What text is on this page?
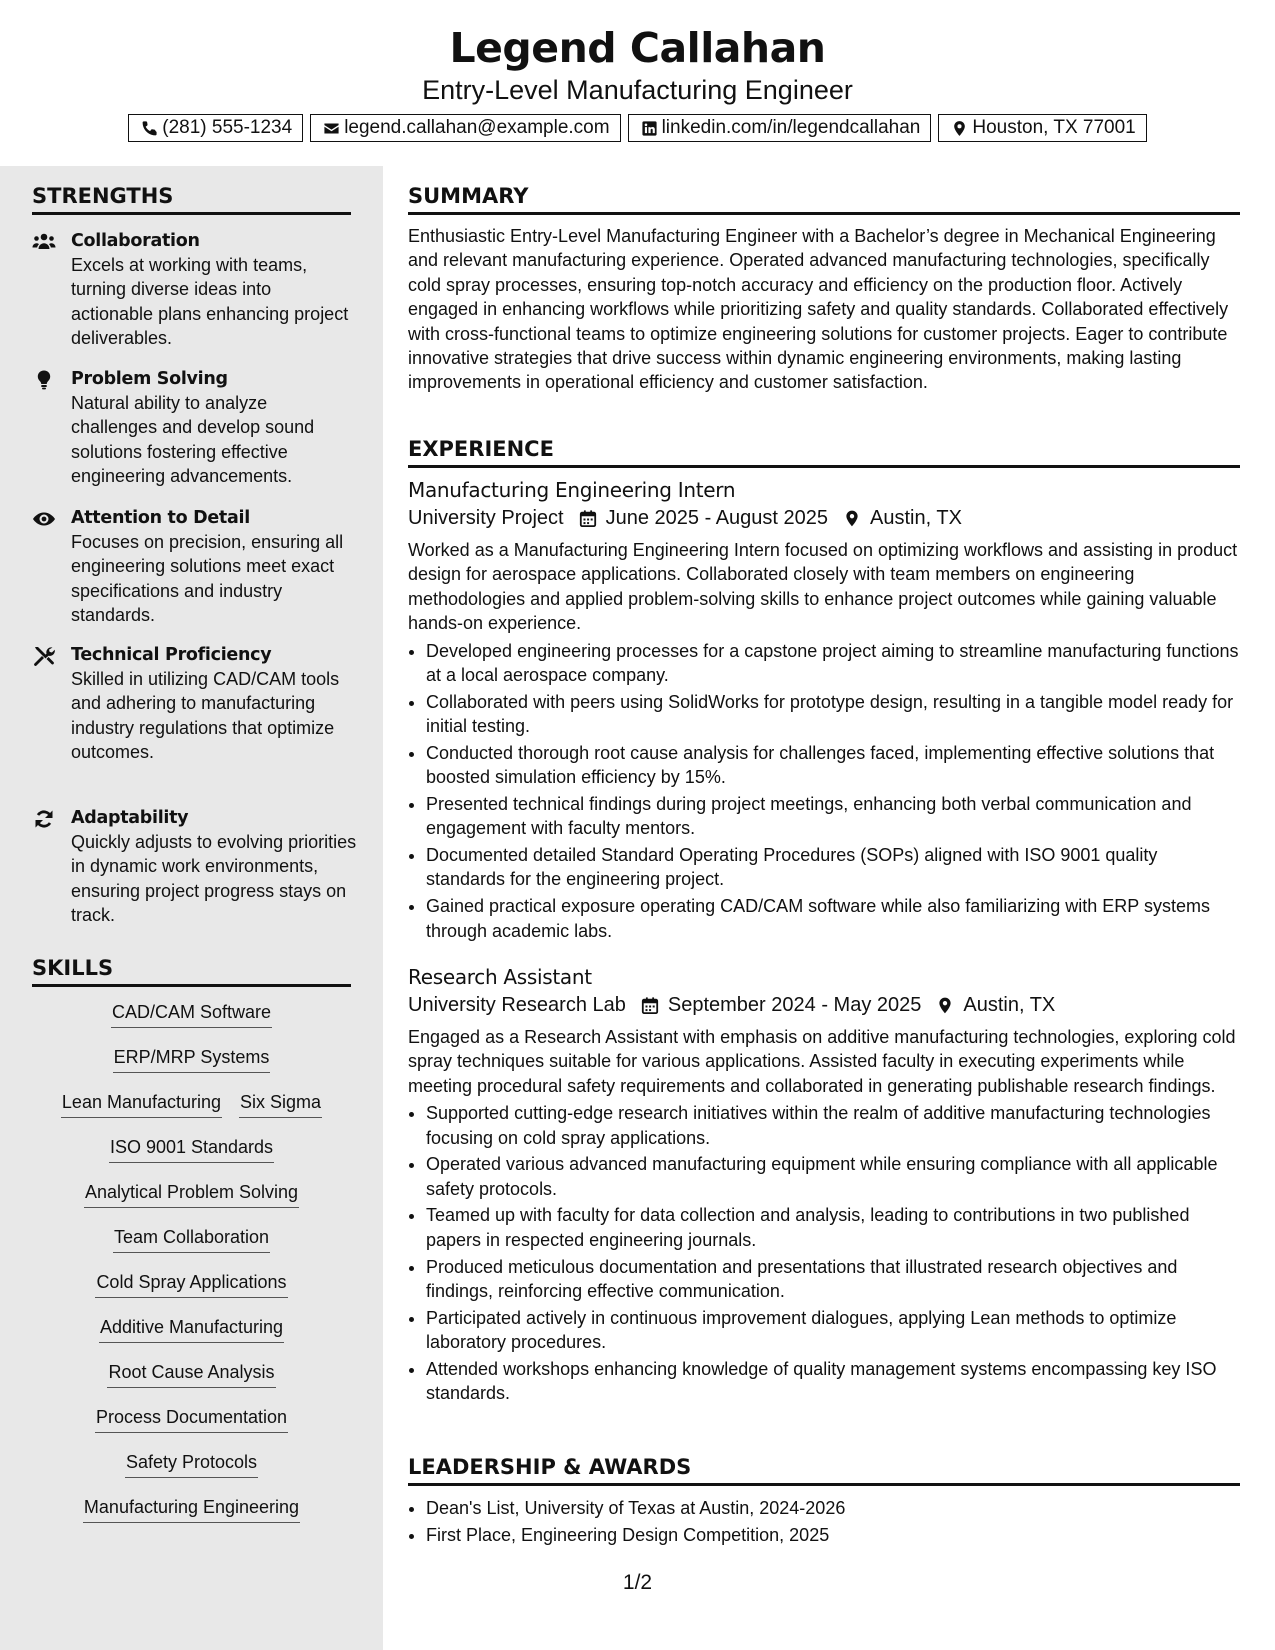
Legend Callahan
Entry-Level Manufacturing Engineer
(281) 555-1234	legend.callahan@example.com	linkedin.com/in/legendcallahan	Houston, TX 77001
STRENGTHS
Collaboration
Excels at working with teams, turning diverse ideas into actionable plans enhancing project deliverables.
Problem Solving
Natural ability to analyze challenges and develop sound solutions fostering effective engineering advancements.
Attention to Detail
Focuses on precision, ensuring all engineering solutions meet exact specifications and industry standards.
Technical Proficiency
Skilled in utilizing CAD/CAM tools and adhering to manufacturing industry regulations that optimize outcomes.
Adaptability
Quickly adjusts to evolving priorities in dynamic work environments, ensuring project progress stays on track.
SKILLS
CAD/CAM Software
ERP/MRP Systems
Lean Manufacturing Six Sigma
ISO 9001 Standards
Analytical Problem Solving
Team Collaboration
Cold Spray Applications
Additive Manufacturing
Root Cause Analysis
Process Documentation
Safety Protocols
Manufacturing Engineering
SUMMARY
Enthusiastic Entry-Level Manufacturing Engineer with a Bachelor’s degree in Mechanical Engineering and relevant manufacturing experience. Operated advanced manufacturing technologies, specifically cold spray processes, ensuring top-notch accuracy and efficiency on the production floor. Actively engaged in enhancing workflows while prioritizing safety and quality standards. Collaborated effectively with cross-functional teams to optimize engineering solutions for customer projects. Eager to contribute innovative strategies that drive success within dynamic engineering environments, making lasting improvements in operational efficiency and customer satisfaction.
EXPERIENCE
Manufacturing Engineering Intern
University Project June 2025 - August 2025 Austin, TX
Worked as a Manufacturing Engineering Intern focused on optimizing workflows and assisting in product design for aerospace applications. Collaborated closely with team members on engineering methodologies and applied problem-solving skills to enhance project outcomes while gaining valuable hands-on experience.
• Developed engineering processes for a capstone project aiming to streamline manufacturing functions at a local aerospace company.
• Collaborated with peers using SolidWorks for prototype design, resulting in a tangible model ready for initial testing.
• Conducted thorough root cause analysis for challenges faced, implementing effective solutions that boosted simulation efficiency by 15%.
• Presented technical findings during project meetings, enhancing both verbal communication and engagement with faculty mentors.
• Documented detailed Standard Operating Procedures (SOPs) aligned with ISO 9001 quality standards for the engineering project.
• Gained practical exposure operating CAD/CAM software while also familiarizing with ERP systems through academic labs.
Research Assistant
University Research Lab September 2024 - May 2025 Austin, TX
Engaged as a Research Assistant with emphasis on additive manufacturing technologies, exploring cold spray techniques suitable for various applications. Assisted faculty in executing experiments while meeting procedural safety requirements and collaborated in generating publishable research findings.
• Supported cutting-edge research initiatives within the realm of additive manufacturing technologies focusing on cold spray applications.
• Operated various advanced manufacturing equipment while ensuring compliance with all applicable safety protocols.
• Teamed up with faculty for data collection and analysis, leading to contributions in two published papers in respected engineering journals.
• Produced meticulous documentation and presentations that illustrated research objectives and findings, reinforcing effective communication.
• Participated actively in continuous improvement dialogues, applying Lean methods to optimize laboratory procedures.
• Attended workshops enhancing knowledge of quality management systems encompassing key ISO standards.
LEADERSHIP & AWARDS
• Dean's List, University of Texas at Austin, 2024-2026
• First Place, Engineering Design Competition, 2025
1/2
